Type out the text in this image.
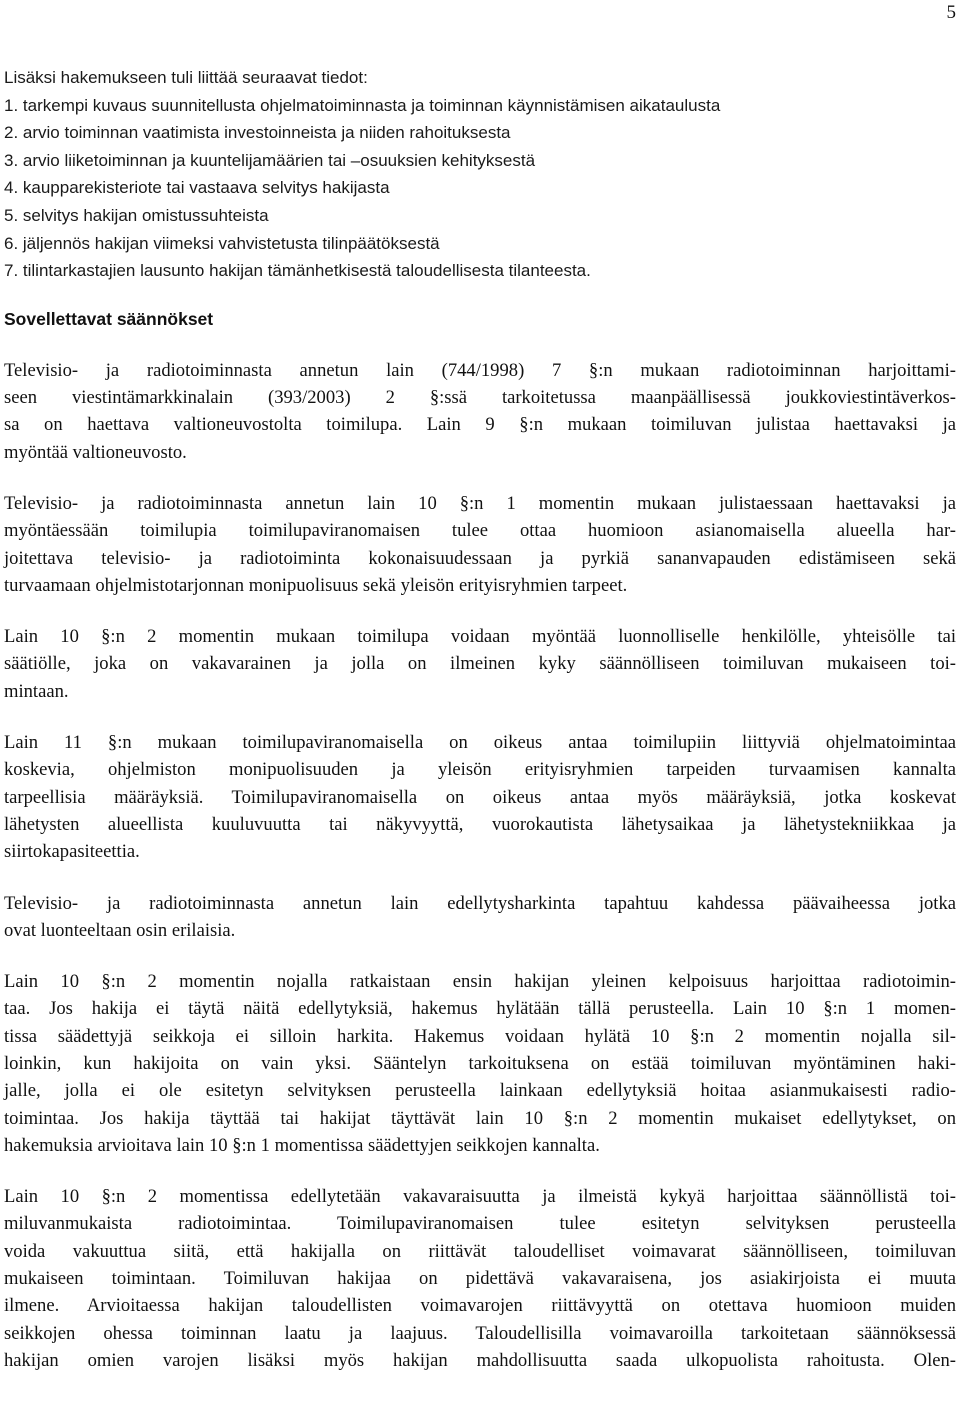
5
Lisäksi hakemukseen tuli liittää seuraavat tiedot:
1. tarkempi kuvaus suunnitellusta ohjelmatoiminnasta ja toiminnan käynnistämisen aikataulusta
2. arvio toiminnan vaatimista investoinneista ja niiden rahoituksesta
3. arvio liiketoiminnan ja kuuntelijamäärien tai –osuuksien kehityksestä
4. kaupparekisteriote tai vastaava selvitys hakijasta
5. selvitys hakijan omistussuhteista
6. jäljennös hakijan viimeksi vahvistetusta tilinpäätöksestä
7. tilintarkastajien lausunto hakijan tämänhetkisestä taloudellisesta tilanteesta.
Sovellettavat säännökset
Televisio- ja radiotoiminnasta annetun lain (744/1998) 7 §:n mukaan radiotoiminnan harjoittami-
seen viestintämarkkinalain (393/2003) 2 §:ssä tarkoitetussa maanpäällisessä joukkoviestintäverkos-
sa on haettava valtioneuvostolta toimilupa. Lain 9 §:n mukaan toimiluvan julistaa haettavaksi ja
myöntää valtioneuvosto.
Televisio- ja radiotoiminnasta annetun lain 10 §:n 1 momentin mukaan julistaessaan haettavaksi ja
myöntäessään toimilupia toimilupaviranomaisen tulee ottaa huomioon asianomaisella alueella har-
joitettava televisio- ja radiotoiminta kokonaisuudessaan ja pyrkiä sananvapauden edistämiseen sekä
turvaamaan ohjelmistotarjonnan monipuolisuus sekä yleisön erityisryhmien tarpeet.
Lain 10 §:n 2 momentin mukaan toimilupa voidaan myöntää luonnolliselle henkilölle, yhteisölle tai
säätiölle, joka on vakavarainen ja jolla on ilmeinen kyky säännölliseen toimiluvan mukaiseen toi-
mintaan.
Lain 11 §:n mukaan toimilupaviranomaisella on oikeus antaa toimilupiin liittyviä ohjelmatoimintaa
koskevia, ohjelmiston monipuolisuuden ja yleisön erityisryhmien tarpeiden turvaamisen kannalta
tarpeellisia määräyksiä. Toimilupaviranomaisella on oikeus antaa myös määräyksiä, jotka koskevat
lähetysten alueellista kuuluvuutta tai näkyvyyttä, vuorokautista lähetysaikaa ja lähetystekniikkaa ja
siirtokapasiteettia.
Televisio- ja radiotoiminnasta annetun lain edellytysharkinta tapahtuu kahdessa päävaiheessa jotka
ovat luonteeltaan osin erilaisia.
Lain 10 §:n 2 momentin nojalla ratkaistaan ensin hakijan yleinen kelpoisuus harjoittaa radiotoimin-
taa. Jos hakija ei täytä näitä edellytyksiä, hakemus hylätään tällä perusteella. Lain 10 §:n 1 momen-
tissa säädettyjä seikkoja ei silloin harkita. Hakemus voidaan hylätä 10 §:n 2 momentin nojalla sil-
loinkin, kun hakijoita on vain yksi. Sääntelyn tarkoituksena on estää toimiluvan myöntäminen haki-
jalle, jolla ei ole esitetyn selvityksen perusteella lainkaan edellytyksiä hoitaa asianmukaisesti radio-
toimintaa. Jos hakija täyttää tai hakijat täyttävät lain 10 §:n 2 momentin mukaiset edellytykset, on
hakemuksia arvioitava lain 10 §:n 1 momentissa säädettyjen seikkojen kannalta.
Lain 10 §:n 2 momentissa edellytetään vakavaraisuutta ja ilmeistä kykyä harjoittaa säännöllistä toi-
miluvanmukaista radiotoimintaa. Toimilupaviranomaisen tulee esitetyn selvityksen perusteella
voida vakuuttua siitä, että hakijalla on riittävät taloudelliset voimavarat säännölliseen, toimiluvan
mukaiseen toimintaan. Toimiluvan hakijaa on pidettävä vakavaraisena, jos asiakirjoista ei muuta
ilmene. Arvioitaessa hakijan taloudellisten voimavarojen riittävyyttä on otettava huomioon muiden
seikkojen ohessa toiminnan laatu ja laajuus. Taloudellisilla voimavaroilla tarkoitetaan säännöksessä
hakijan omien varojen lisäksi myös hakijan mahdollisuutta saada ulkopuolista rahoitusta. Olen-
